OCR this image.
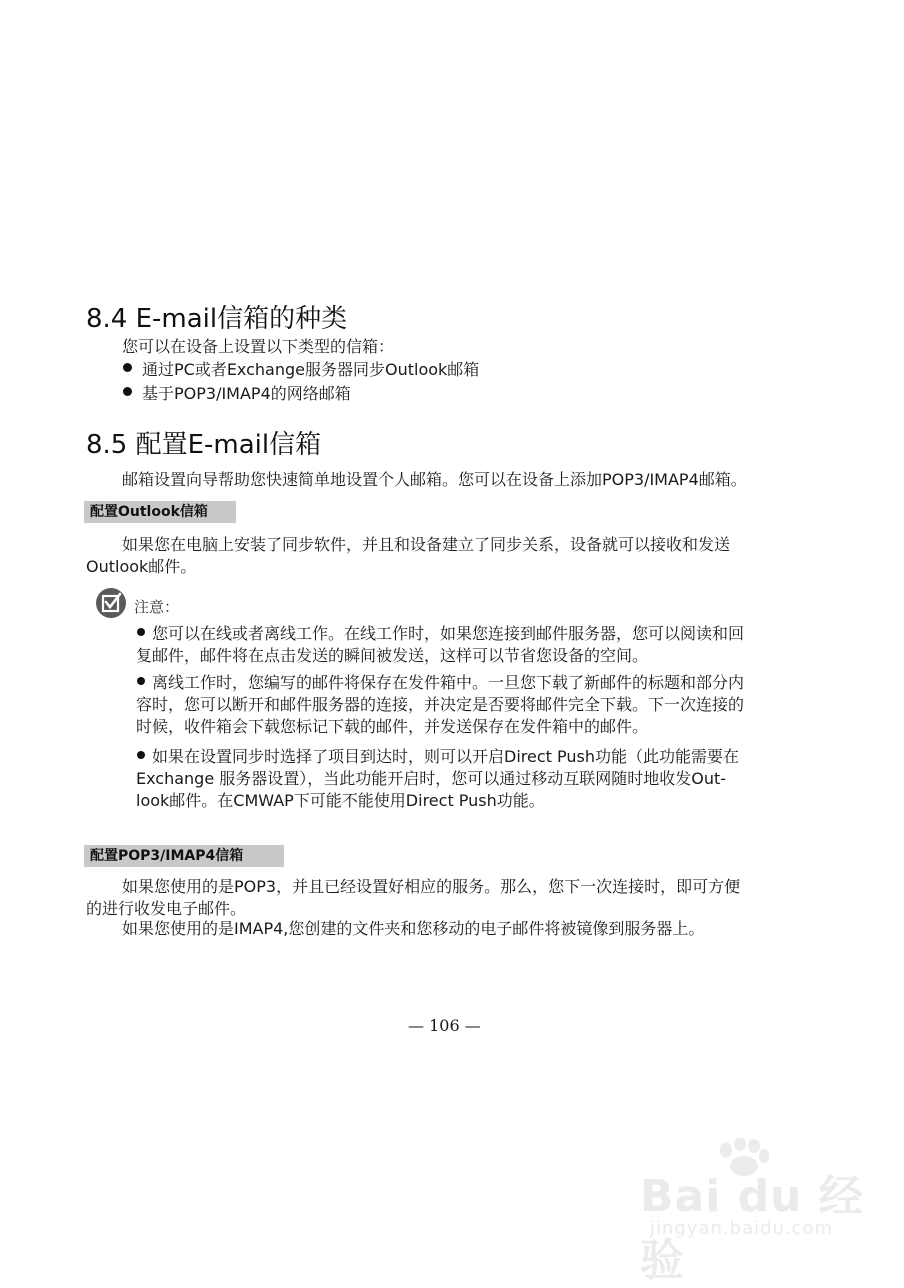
8.4 E-mail信箱的种类
您可以在设备上设置以下类型的信箱：
通过PC或者Exchange服务器同步Outlook邮箱
基于POP3/IMAP4的网络邮箱
8.5 配置E-mail信箱
邮箱设置向导帮助您快速简单地设置个人邮箱。您可以在设备上添加POP3/IMAP4邮箱。
配置Outlook信箱
如果您在电脑上安装了同步软件，并且和设备建立了同步关系，设备就可以接收和发送
Outlook邮件。
注意：
您可以在线或者离线工作。在线工作时，如果您连接到邮件服务器，您可以阅读和回
复邮件，邮件将在点击发送的瞬间被发送，这样可以节省您设备的空间。
离线工作时，您编写的邮件将保存在发件箱中。一旦您下载了新邮件的标题和部分内
容时，您可以断开和邮件服务器的连接，并决定是否要将邮件完全下载。下一次连接的
时候，收件箱会下载您标记下载的邮件，并发送保存在发件箱中的邮件。
如果在设置同步时选择了项目到达时，则可以开启Direct Push功能（此功能需要在
Exchange 服务器设置），当此功能开启时，您可以通过移动互联网随时地收发Out-
look邮件。在CMWAP下可能不能使用Direct Push功能。
配置POP3/IMAP4信箱
如果您使用的是POP3，并且已经设置好相应的服务。那么，您下一次连接时，即可方便
的进行收发电子邮件。
如果您使用的是IMAP4,您创建的文件夹和您移动的电子邮件将被镜像到服务器上。
— 106 —
Bai du 经验
jingyan.baidu.com
